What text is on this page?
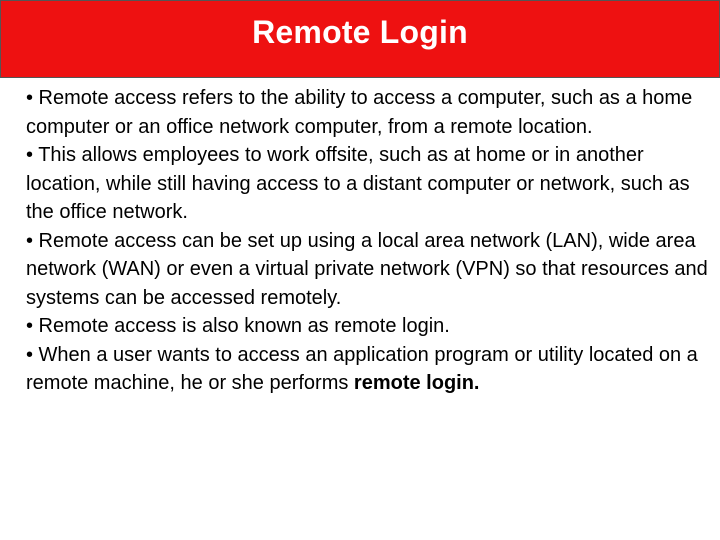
Remote Login

• Remote access refers to the ability to access a computer, such as a home computer or an office network computer, from a remote location.

• This allows employees to work offsite, such as at home or in another location, while still having access to a distant computer or network, such as the office network.

• Remote access can be set up using a local area network (LAN), wide area network (WAN) or even a virtual private network (VPN) so that resources and systems can be accessed remotely.

• Remote access is also known as remote login.

• When a user wants to access an application program or utility located on a remote machine, he or she performs remote login.
